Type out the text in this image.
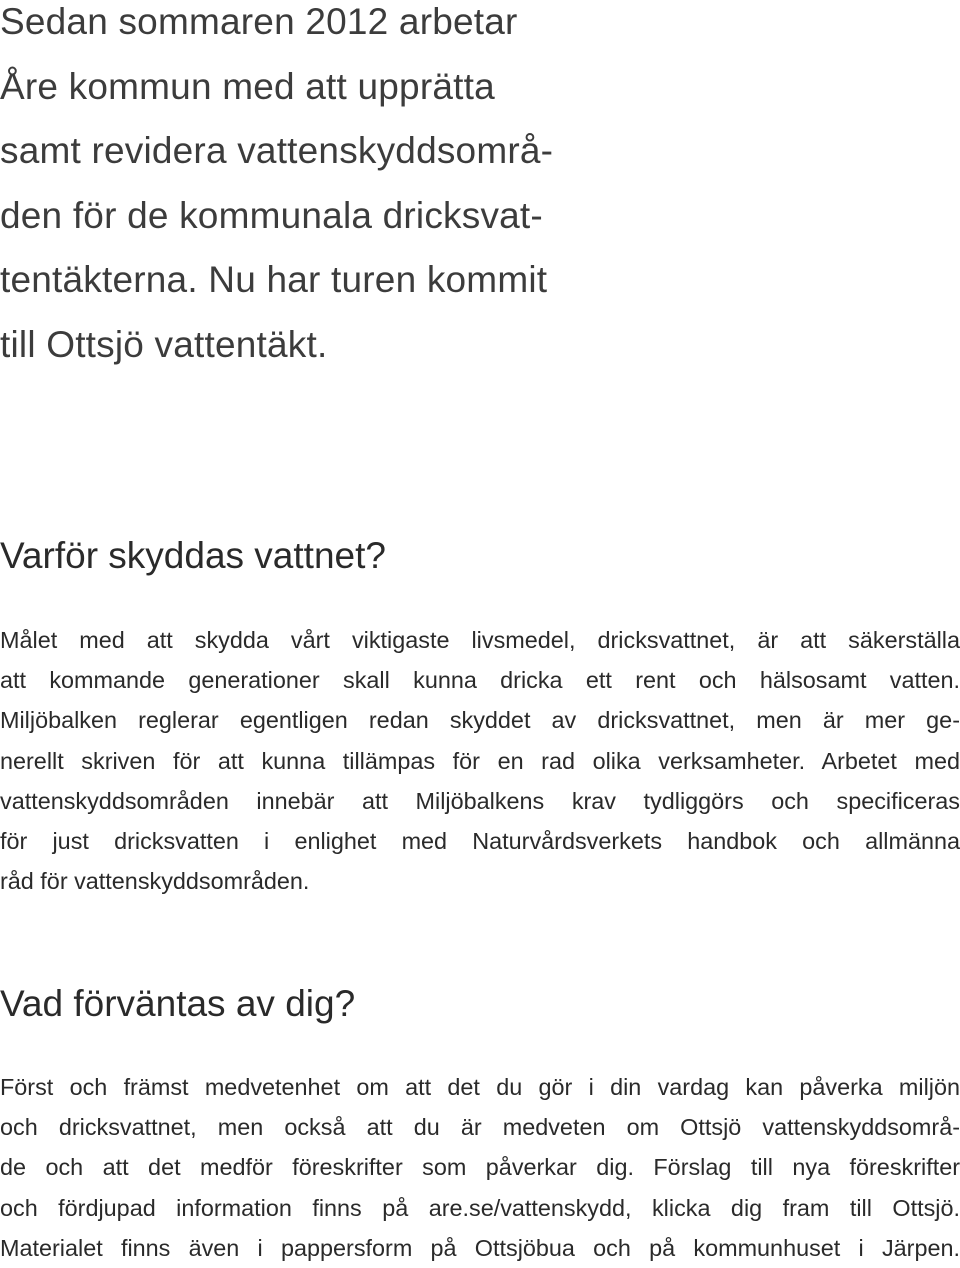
Sedan sommaren 2012 arbetar
Åre kommun med att upprätta
samt revidera vattenskyddsområ-
den för de kommunala dricksvat-
tentäkterna. Nu har turen kommit
till Ottsjö vattentäkt.

Varför skyddas vattnet?

Målet med att skydda vårt viktigaste livsmedel, dricksvattnet, är att säkerställa
att kommande generationer skall kunna dricka ett rent och hälsosamt vatten.
Miljöbalken reglerar egentligen redan skyddet av dricksvattnet, men är mer ge-
nerellt skriven för att kunna tillämpas för en rad olika verksamheter. Arbetet med
vattenskyddsområden innebär att Miljöbalkens krav tydliggörs och specificeras
för just dricksvatten i enlighet med Naturvårdsverkets handbok och allmänna
råd för vattenskyddsområden.

Vad förväntas av dig?

Först och främst medvetenhet om att det du gör i din vardag kan påverka miljön
och dricksvattnet, men också att du är medveten om Ottsjö vattenskyddsområ-
de och att det medför föreskrifter som påverkar dig. Förslag till nya föreskrifter
och fördjupad information finns på are.se/vattenskydd, klicka dig fram till Ottsjö.
Materialet finns även i pappersform på Ottsjöbua och på kommunhuset i Järpen.
